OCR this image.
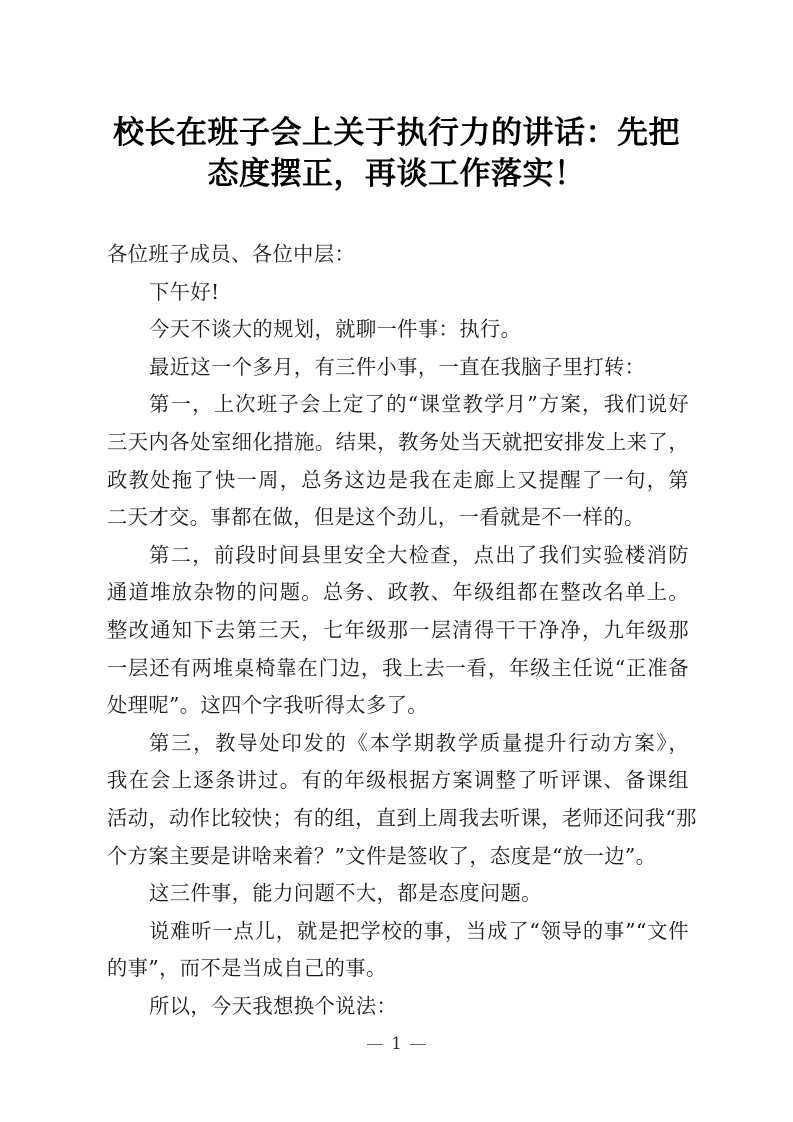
校长在班子会上关于执行力的讲话：先把
态度摆正，再谈工作落实！
各位班子成员、各位中层：
下午好!
今天不谈大的规划，就聊一件事：执行。
最近这一个多月，有三件小事，一直在我脑子里打转：
第一，上次班子会上定了的“课堂教学月”方案，我们说好
三天内各处室细化措施。结果，教务处当天就把安排发上来了，
政教处拖了快一周，总务这边是我在走廊上又提醒了一句，第
二天才交。事都在做，但是这个劲儿，一看就是不一样的。
第二，前段时间县里安全大检查，点出了我们实验楼消防
通道堆放杂物的问题。总务、政教、年级组都在整改名单上。
整改通知下去第三天，七年级那一层清得干干净净，九年级那
一层还有两堆桌椅靠在门边，我上去一看，年级主任说“正准备
处理呢”。这四个字我听得太多了。
第三，教导处印发的《本学期教学质量提升行动方案》，
我在会上逐条讲过。有的年级根据方案调整了听评课、备课组
活动，动作比较快；有的组，直到上周我去听课，老师还问我“那
个方案主要是讲啥来着？”文件是签收了，态度是“放一边”。
这三件事，能力问题不大，都是态度问题。
说难听一点儿，就是把学校的事，当成了“领导的事”“文件
的事”，而不是当成自己的事。
所以，今天我想换个说法：
1
